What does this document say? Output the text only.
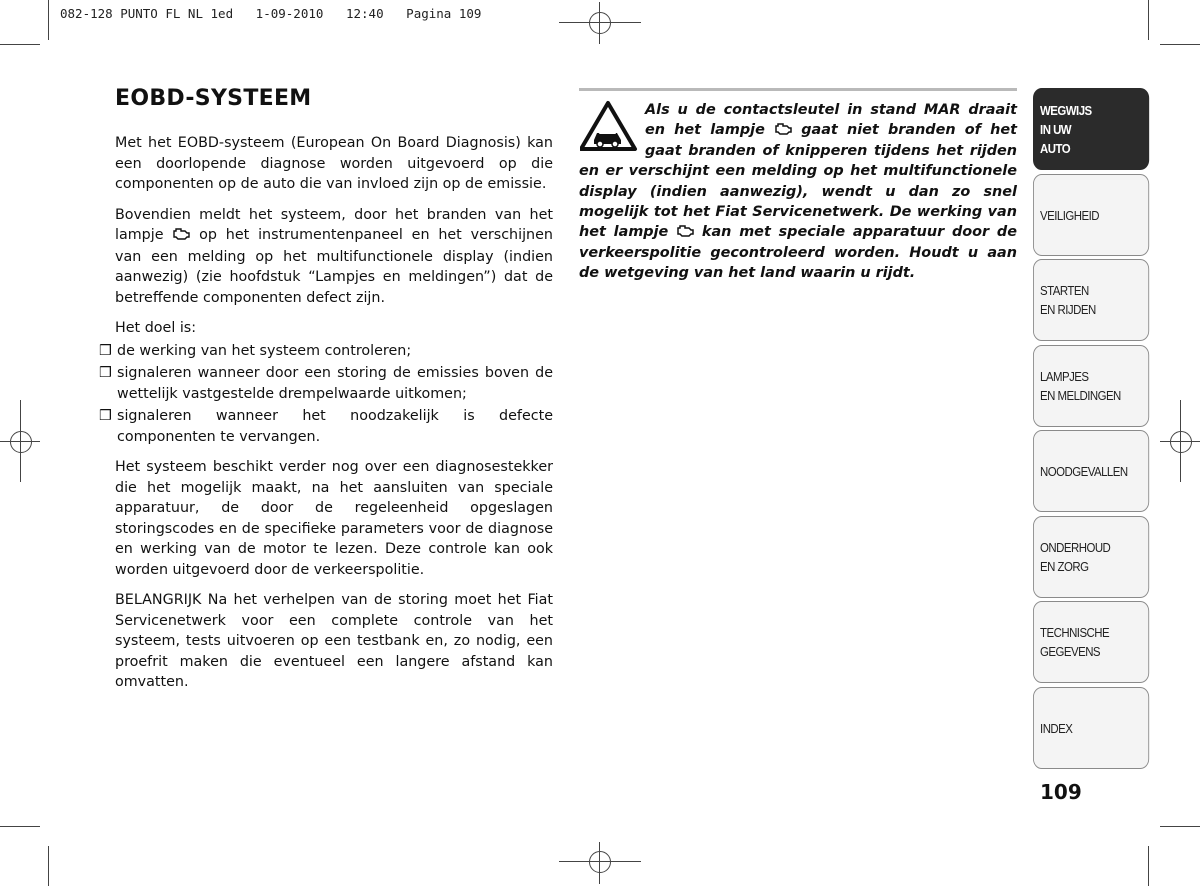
082-128 PUNTO FL NL 1ed   1-09-2010   12:40   Pagina 109
EOBD-SYSTEEM

Met het EOBD-systeem (European On Board Diagnosis) kan een doorlopende diagnose worden uitgevoerd op die componenten op de auto die van invloed zijn op de emissie.

Bovendien meldt het systeem, door het branden van het lampje  op het instrumentenpaneel en het verschijnen van een melding op het multifunctionele display (indien aanwezig) (zie hoofdstuk “Lampjes en meldingen”) dat de betreffende componenten defect zijn.

Het doel is:

❒ de werking van het systeem controleren;
❒ signaleren wanneer door een storing de emissies boven de wettelijk vastgestelde drempelwaarde uitkomen;
❒ signaleren wanneer het noodzakelijk is defecte componenten te vervangen.

Het systeem beschikt verder nog over een diagnosestekker die het mogelijk maakt, na het aansluiten van speciale apparatuur, de door de regeleenheid opgeslagen storingscodes en de specifieke parameters voor de diagnose en werking van de motor te lezen. Deze controle kan ook worden uitgevoerd door de verkeerspolitie.

BELANGRIJK Na het verhelpen van de storing moet het Fiat Servicenetwerk voor een complete controle van het systeem, tests uitvoeren op een testbank en, zo nodig, een proefrit maken die eventueel een langere afstand kan omvatten.

Als u de contactsleutel in stand MAR draait en het lampje  gaat niet branden of het gaat branden of knipperen tijdens het rijden en er verschijnt een melding op het multifunctionele display (indien aanwezig), wendt u dan zo snel mogelijk tot het Fiat Servicenetwerk. De werking van het lampje  kan met speciale apparatuur door de verkeerspolitie gecontroleerd worden. Houdt u aan de wetgeving van het land waarin u rijdt.
WEGWIJS
IN UW
AUTO
VEILIGHEID
STARTEN
EN RIJDEN
LAMPJES
EN MELDINGEN
NOODGEVALLEN
ONDERHOUD
EN ZORG
TECHNISCHE
GEGEVENS
INDEX
109
